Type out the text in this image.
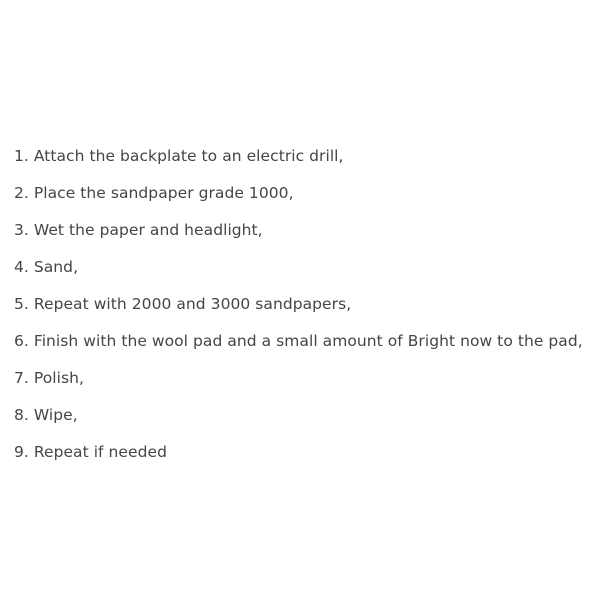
1. Attach the backplate to an electric drill,
2. Place the sandpaper grade 1000,
3. Wet the paper and headlight,
4. Sand,
5. Repeat with 2000 and 3000 sandpapers,
6. Finish with the wool pad and a small amount of Bright now to the pad,
7. Polish,
8. Wipe,
9. Repeat if needed
